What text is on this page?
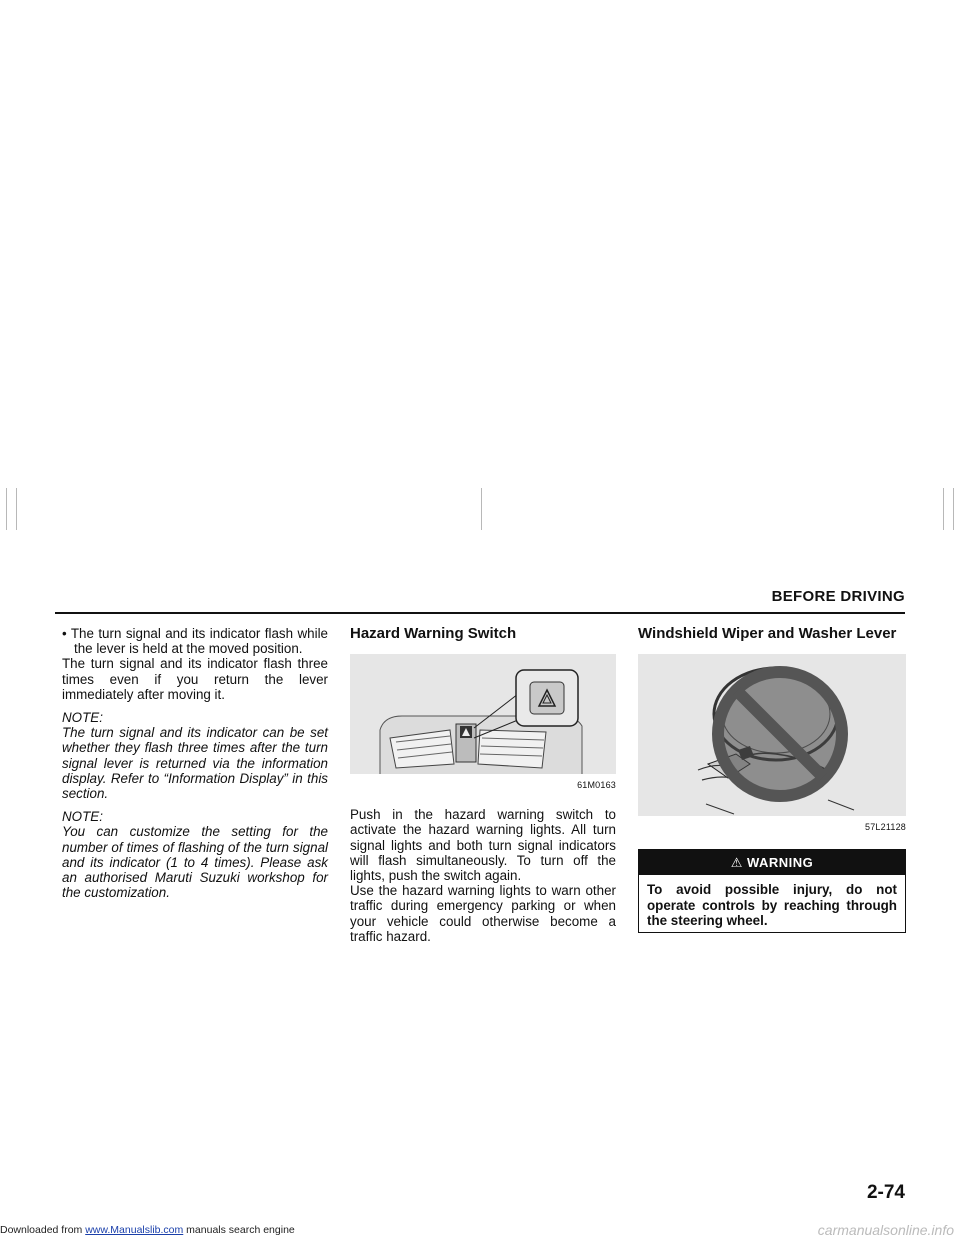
BEFORE DRIVING

• The turn signal and its indicator flash while the lever is held at the moved position.

The turn signal and its indicator flash three times even if you return the lever immediately after moving it.

NOTE:
The turn signal and its indicator can be set whether they flash three times after the turn signal lever is returned via the information display. Refer to “Information Display” in this section.

NOTE:
You can customize the setting for the number of times of flashing of the turn signal and its indicator (1 to 4 times). Please ask an authorised Maruti Suzuki workshop for the customization.

Hazard Warning Switch
61M0163

Push in the hazard warning switch to activate the hazard warning lights. All turn signal lights and both turn signal indicators will flash simultaneously. To turn off the lights, push the switch again.

Use the hazard warning lights to warn other traffic during emergency parking or when your vehicle could otherwise become a traffic hazard.

Windshield Wiper and Washer Lever
57L21128
⚠ WARNING
To avoid possible injury, do not operate controls by reaching through the steering wheel.
2-74
Downloaded from www.Manualslib.com manuals search engine	carmanualsonline.info
